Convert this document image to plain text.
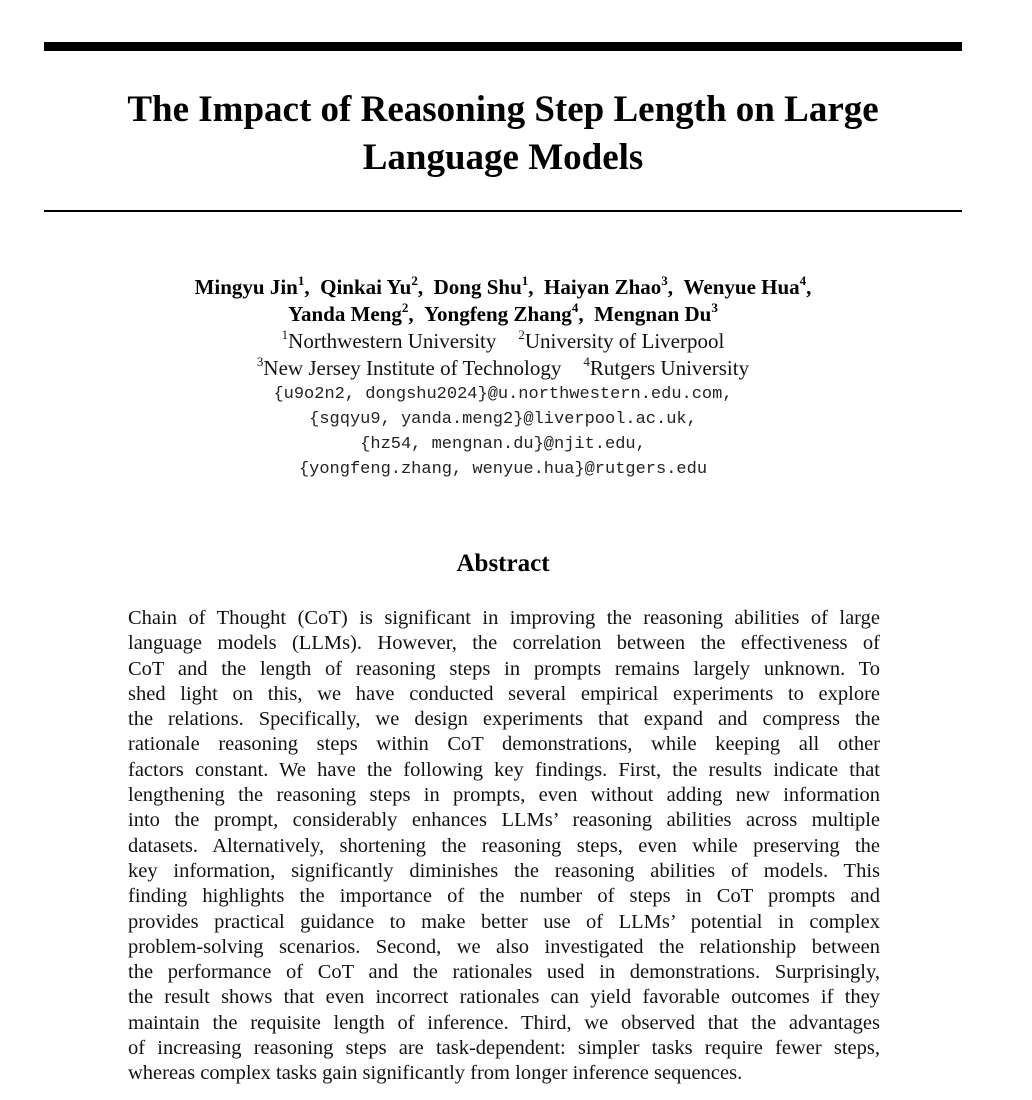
The Impact of Reasoning Step Length on Large
Language Models
Mingyu Jin$^1$,  Qinkai Yu$^2$,  Dong Shu$^1$,  Haiyan Zhao$^3$,  Wenyue Hua$^4$,
Yanda Meng$^2$,  Yongfeng Zhang$^4$,  Mengnan Du$^3$
$^1$Northwestern University $^2$University of Liverpool
$^3$New Jersey Institute of Technology $^4$Rutgers University
{u9o2n2, dongshu2024}@u.northwestern.edu.com,
{sgqyu9, yanda.meng2}@liverpool.ac.uk,
{hz54, mengnan.du}@njit.edu,
{yongfeng.zhang, wenyue.hua}@rutgers.edu
Abstract
Chain of Thought (CoT) is significant in improving the reasoning abilities of large
language models (LLMs). However, the correlation between the effectiveness of
CoT and the length of reasoning steps in prompts remains largely unknown. To
shed light on this, we have conducted several empirical experiments to explore
the relations. Specifically, we design experiments that expand and compress the
rationale reasoning steps within CoT demonstrations, while keeping all other
factors constant. We have the following key findings. First, the results indicate that
lengthening the reasoning steps in prompts, even without adding new information
into the prompt, considerably enhances LLMs’ reasoning abilities across multiple
datasets. Alternatively, shortening the reasoning steps, even while preserving the
key information, significantly diminishes the reasoning abilities of models. This
finding highlights the importance of the number of steps in CoT prompts and
provides practical guidance to make better use of LLMs’ potential in complex
problem-solving scenarios. Second, we also investigated the relationship between
the performance of CoT and the rationales used in demonstrations. Surprisingly,
the result shows that even incorrect rationales can yield favorable outcomes if they
maintain the requisite length of inference. Third, we observed that the advantages
of increasing reasoning steps are task-dependent: simpler tasks require fewer steps,
whereas complex tasks gain significantly from longer inference sequences.
